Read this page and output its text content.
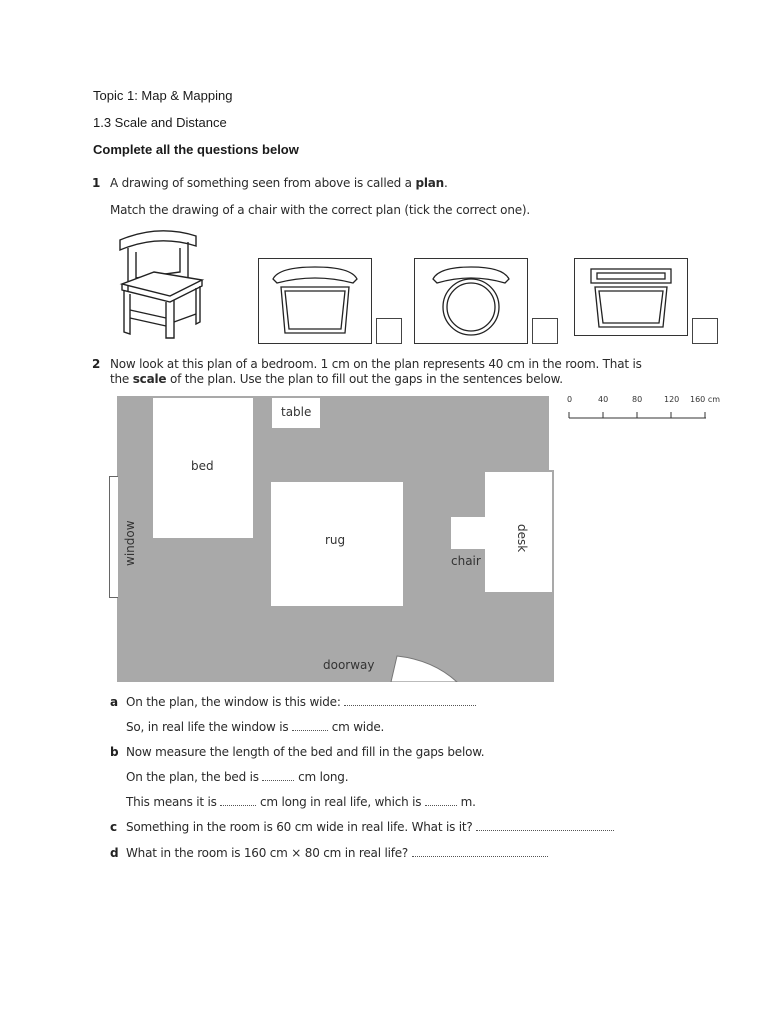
Topic 1: Map & Mapping
1.3 Scale and Distance
Complete all the questions below
1 A drawing of something seen from above is called a plan.
Match the drawing of a chair with the correct plan (tick the correct one).
2 Now look at this plan of a bedroom. 1 cm on the plan represents 40 cm in the room. That is
the scale of the plan. Use the plan to fill out the gaps in the sentences below.
0	40	80	120 160 cm
bed
table
rug	desk
chair
window
doorway
a On the plan, the window is this wide:
So, in real life the window is	cm wide.
b Now measure the length of the bed and fill in the gaps below.
On the plan, the bed is	cm long.
This means it is	cm long in real life, which is	m.
c Something in the room is 60 cm wide in real life. What is it?
d What in the room is 160 cm × 80 cm in real life?
